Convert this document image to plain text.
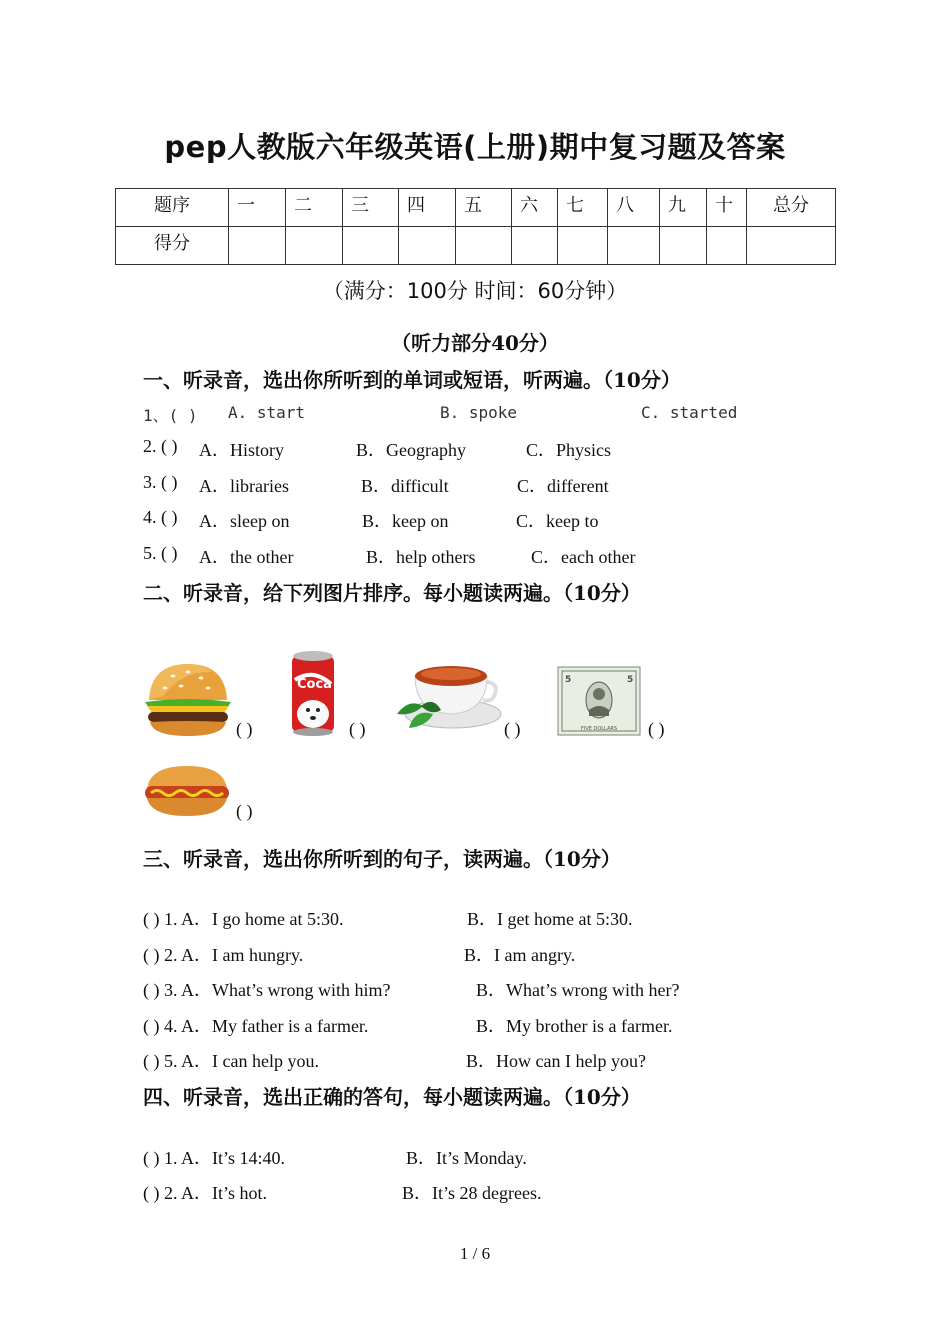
pep人教版六年级英语(上册)期中复习题及答案
题序	一	二	三	四	五	六	七	八	九	十	总分
得分											
（满分：100分 时间：60分钟）
（听力部分40分）
一、听录音，选出你所听到的单词或短语，听两遍。（10分）
1、( ) A. start	B. spoke	C. started
2. ( ) A．History	B．Geography	C．Physics
3. ( ) A．libraries	B．difficult	C．different
4. ( ) A．sleep on	B．keep on	C．keep to
5. ( ) A．the other	B．help others	C．each other
二、听录音，给下列图片排序。每小题读两遍。（10分）
( )
Coca
( )	( )
5	5
FIVE DOLLARS ( )
( )
三、听录音，选出你所听到的句子，读两遍。（10分）
( ) 1. A．I go home at 5:30.	B．I get home at 5:30.
( ) 2. A．I am hungry.	B．I am angry.
( ) 3. A．What’s wrong with him?	B．What’s wrong with her?
( ) 4. A．My father is a farmer.	B．My brother is a farmer.
( ) 5. A．I can help you.	B．How can I help you?
四、听录音，选出正确的答句，每小题读两遍。（10分）
( ) 1. A．It’s 14:40.	B．It’s Monday.
( ) 2. A．It’s hot.	B．It’s 28 degrees.
1 / 6
